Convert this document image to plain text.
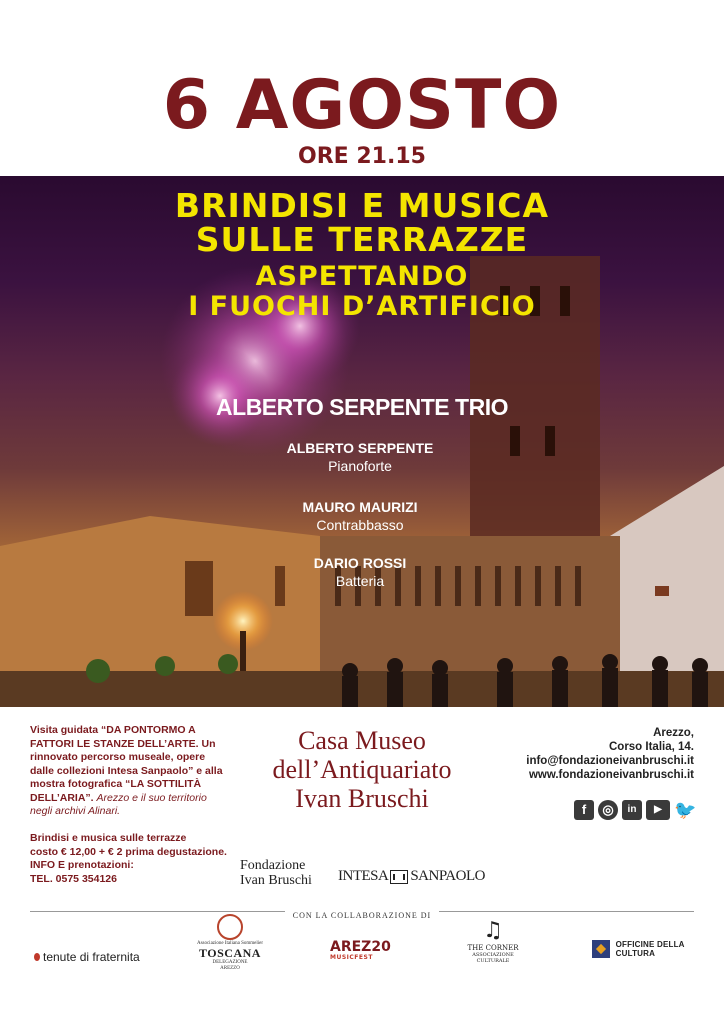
6 AGOSTO
ORE 21.15
BRINDISI E MUSICA
SULLE TERRAZZE
ASPETTANDO
I FUOCHI D’ARTIFICIO
ALBERTO SERPENTE TRIO
ALBERTO SERPENTE
Pianoforte
MAURO MAURIZI
Contrabbasso
DARIO ROSSI
Batteria
Visita guidata “DA PONTORMO A FATTORI LE STANZE DELL’ARTE. Un rinnovato percorso museale, opere dalle collezioni Intesa Sanpaolo” e alla mostra fotografica “LA SOTTILITÀ DELL’ARIA”. Arezzo e il suo territorio negli archivi Alinari.
Brindisi e musica sulle terrazze
costo € 12,00 + € 2 prima degustazione.
INFO E prenotazioni:
TEL. 0575 354126
Casa Museo
dell’Antiquariato
Ivan Bruschi
Arezzo,
Corso Italia, 14.
info@fondazioneivanbruschi.it
www.fondazioneivanbruschi.it
f	◎	in	▶ 🐦
Fondazione
Ivan Bruschi INTESA SANPAOLO
CON LA COLLABORAZIONE DI
tenute di fraternita
Associazione Italiana Sommelier
TOSCANA
DELEGAZIONE
AREZZO
AREZ20
MUSICFEST
♫
THE CORNER
ASSOCIAZIONE CULTURALE
OFFICINE DELLA CULTURA
